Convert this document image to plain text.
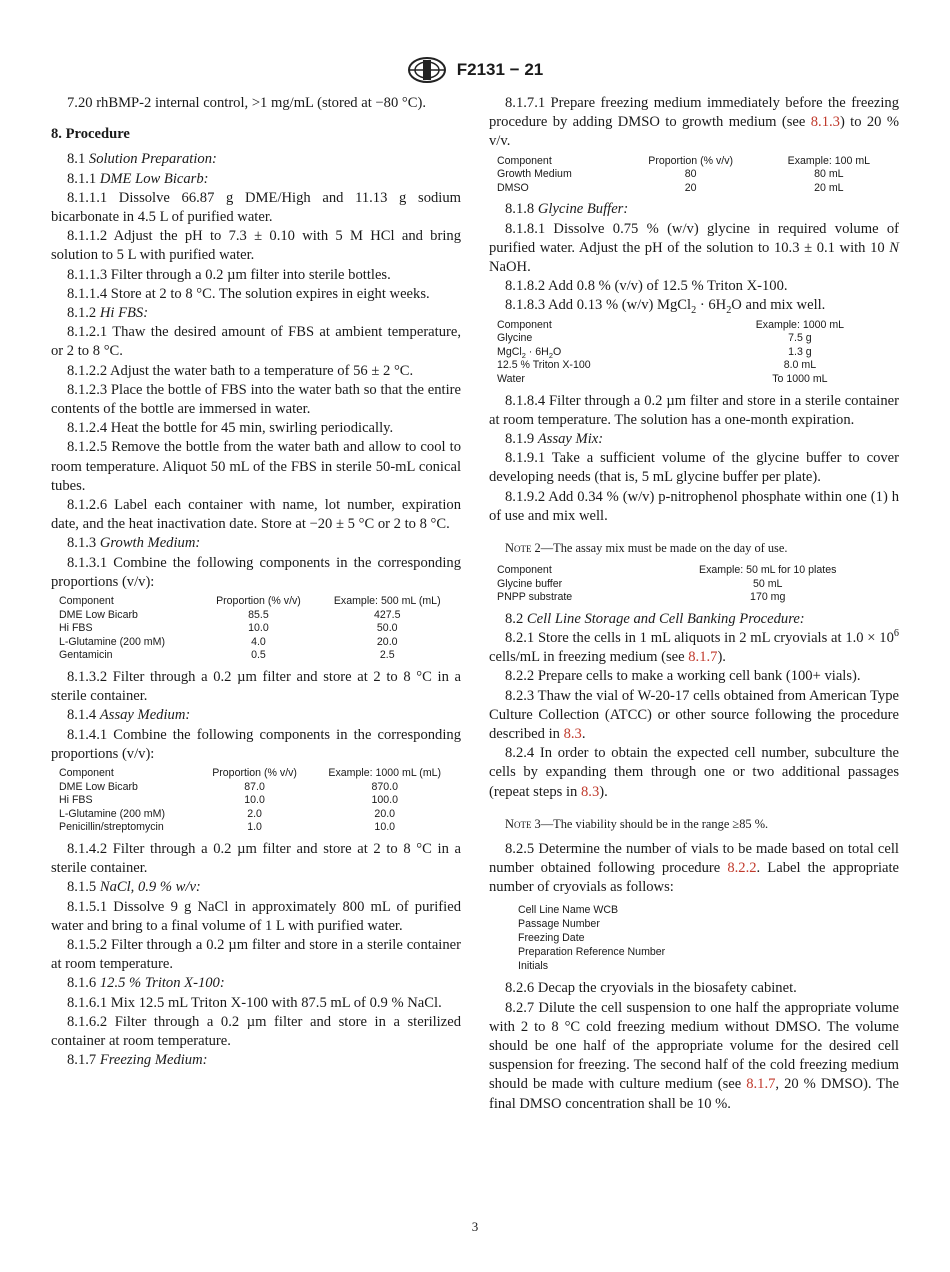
F2131 − 21

7.20 rhBMP-2 internal control, >1 mg/mL (stored at −80 °C).

8. Procedure

8.1 Solution Preparation:

8.1.1 DME Low Bicarb:

8.1.1.1 Dissolve 66.87 g DME/High and 11.13 g sodium bicarbonate in 4.5 L of purified water.

8.1.1.2 Adjust the pH to 7.3 ± 0.10 with 5 M HCl and bring solution to 5 L with purified water.

8.1.1.3 Filter through a 0.2 µm filter into sterile bottles.

8.1.1.4 Store at 2 to 8 °C. The solution expires in eight weeks.

8.1.2 Hi FBS:

8.1.2.1 Thaw the desired amount of FBS at ambient temperature, or 2 to 8 °C.

8.1.2.2 Adjust the water bath to a temperature of 56 ± 2 °C.

8.1.2.3 Place the bottle of FBS into the water bath so that the entire contents of the bottle are immersed in water.

8.1.2.4 Heat the bottle for 45 min, swirling periodically.

8.1.2.5 Remove the bottle from the water bath and allow to cool to room temperature. Aliquot 50 mL of the FBS in sterile 50-mL conical tubes.

8.1.2.6 Label each container with name, lot number, expiration date, and the heat inactivation date. Store at −20 ± 5 °C or 2 to 8 °C.

8.1.3 Growth Medium:

8.1.3.1 Combine the following components in the corresponding proportions (v/v):

Component	Proportion (% v/v)	Example: 500 mL (mL)
DME Low Bicarb	85.5	427.5
Hi FBS	10.0	50.0
L-Glutamine (200 mM)	4.0	20.0
Gentamicin	0.5	2.5

8.1.3.2 Filter through a 0.2 µm filter and store at 2 to 8 °C in a sterile container.

8.1.4 Assay Medium:

8.1.4.1 Combine the following components in the corresponding proportions (v/v):

Component	Proportion (% v/v)	Example: 1000 mL (mL)
DME Low Bicarb	87.0	870.0
Hi FBS	10.0	100.0
L-Glutamine (200 mM)	2.0	20.0
Penicillin/streptomycin	1.0	10.0

8.1.4.2 Filter through a 0.2 µm filter and store at 2 to 8 °C in a sterile container.

8.1.5 NaCl, 0.9 % w/v:

8.1.5.1 Dissolve 9 g NaCl in approximately 800 mL of purified water and bring to a final volume of 1 L with purified water.

8.1.5.2 Filter through a 0.2 µm filter and store in a sterile container at room temperature.

8.1.6 12.5 % Triton X-100:

8.1.6.1 Mix 12.5 mL Triton X-100 with 87.5 mL of 0.9 % NaCl.

8.1.6.2 Filter through a 0.2 µm filter and store in a sterilized container at room temperature.

8.1.7 Freezing Medium:

8.1.7.1 Prepare freezing medium immediately before the freezing procedure by adding DMSO to growth medium (see 8.1.3) to 20 % v/v.

Component	Proportion (% v/v)	Example: 100 mL
Growth Medium	80	80 mL
DMSO	20	20 mL

8.1.8 Glycine Buffer:

8.1.8.1 Dissolve 0.75 % (w/v) glycine in required volume of purified water. Adjust the pH of the solution to 10.3 ± 0.1 with 10 N NaOH.

8.1.8.2 Add 0.8 % (v/v) of 12.5 % Triton X-100.

8.1.8.3 Add 0.13 % (w/v) MgCl$_2$ · $6H_2O$ and mix well.

Component	Example: 1000 mL
Glycine	7.5 g
MgCl$_2$ · $6H_2O$	1.3 g
12.5 % Triton X-100	8.0 mL
Water	To 1000 mL

8.1.8.4 Filter through a 0.2 µm filter and store in a sterile container at room temperature. The solution has a one-month expiration.

8.1.9 Assay Mix:

8.1.9.1 Take a sufficient volume of the glycine buffer to cover developing needs (that is, 5 mL glycine buffer per plate).

8.1.9.2 Add 0.34 % (w/v) p-nitrophenol phosphate within one (1) h of use and mix well.

Note 2—The assay mix must be made on the day of use.

Component	Example: 50 mL for 10 plates
Glycine buffer	50 mL
PNPP substrate	170 mg

8.2 Cell Line Storage and Cell Banking Procedure:

8.2.1 Store the cells in 1 mL aliquots in 2 mL cryovials at $1.0 \times 10^6$ cells/mL in freezing medium (see 8.1.7).

8.2.2 Prepare cells to make a working cell bank (100+ vials).

8.2.3 Thaw the vial of W-20-17 cells obtained from American Type Culture Collection (ATCC) or other source following the procedure described in 8.3.

8.2.4 In order to obtain the expected cell number, subculture the cells by expanding them through one or two additional passages (repeat steps in 8.3).

Note 3—The viability should be in the range ≥85 %.

8.2.5 Determine the number of vials to be made based on total cell number obtained following procedure 8.2.2. Label the appropriate number of cryovials as follows:

Cell Line Name WCB
Passage Number
Freezing Date
Preparation Reference Number
Initials

8.2.6 Decap the cryovials in the biosafety cabinet.

8.2.7 Dilute the cell suspension to one half the appropriate volume with 2 to 8 °C cold freezing medium without DMSO. The volume should be one half of the appropriate volume for the desired cell suspension for freezing. The second half of the cold freezing medium should be made with culture medium (see 8.1.7, 20 % DMSO). The final DMSO concentration shall be 10 %.

3
